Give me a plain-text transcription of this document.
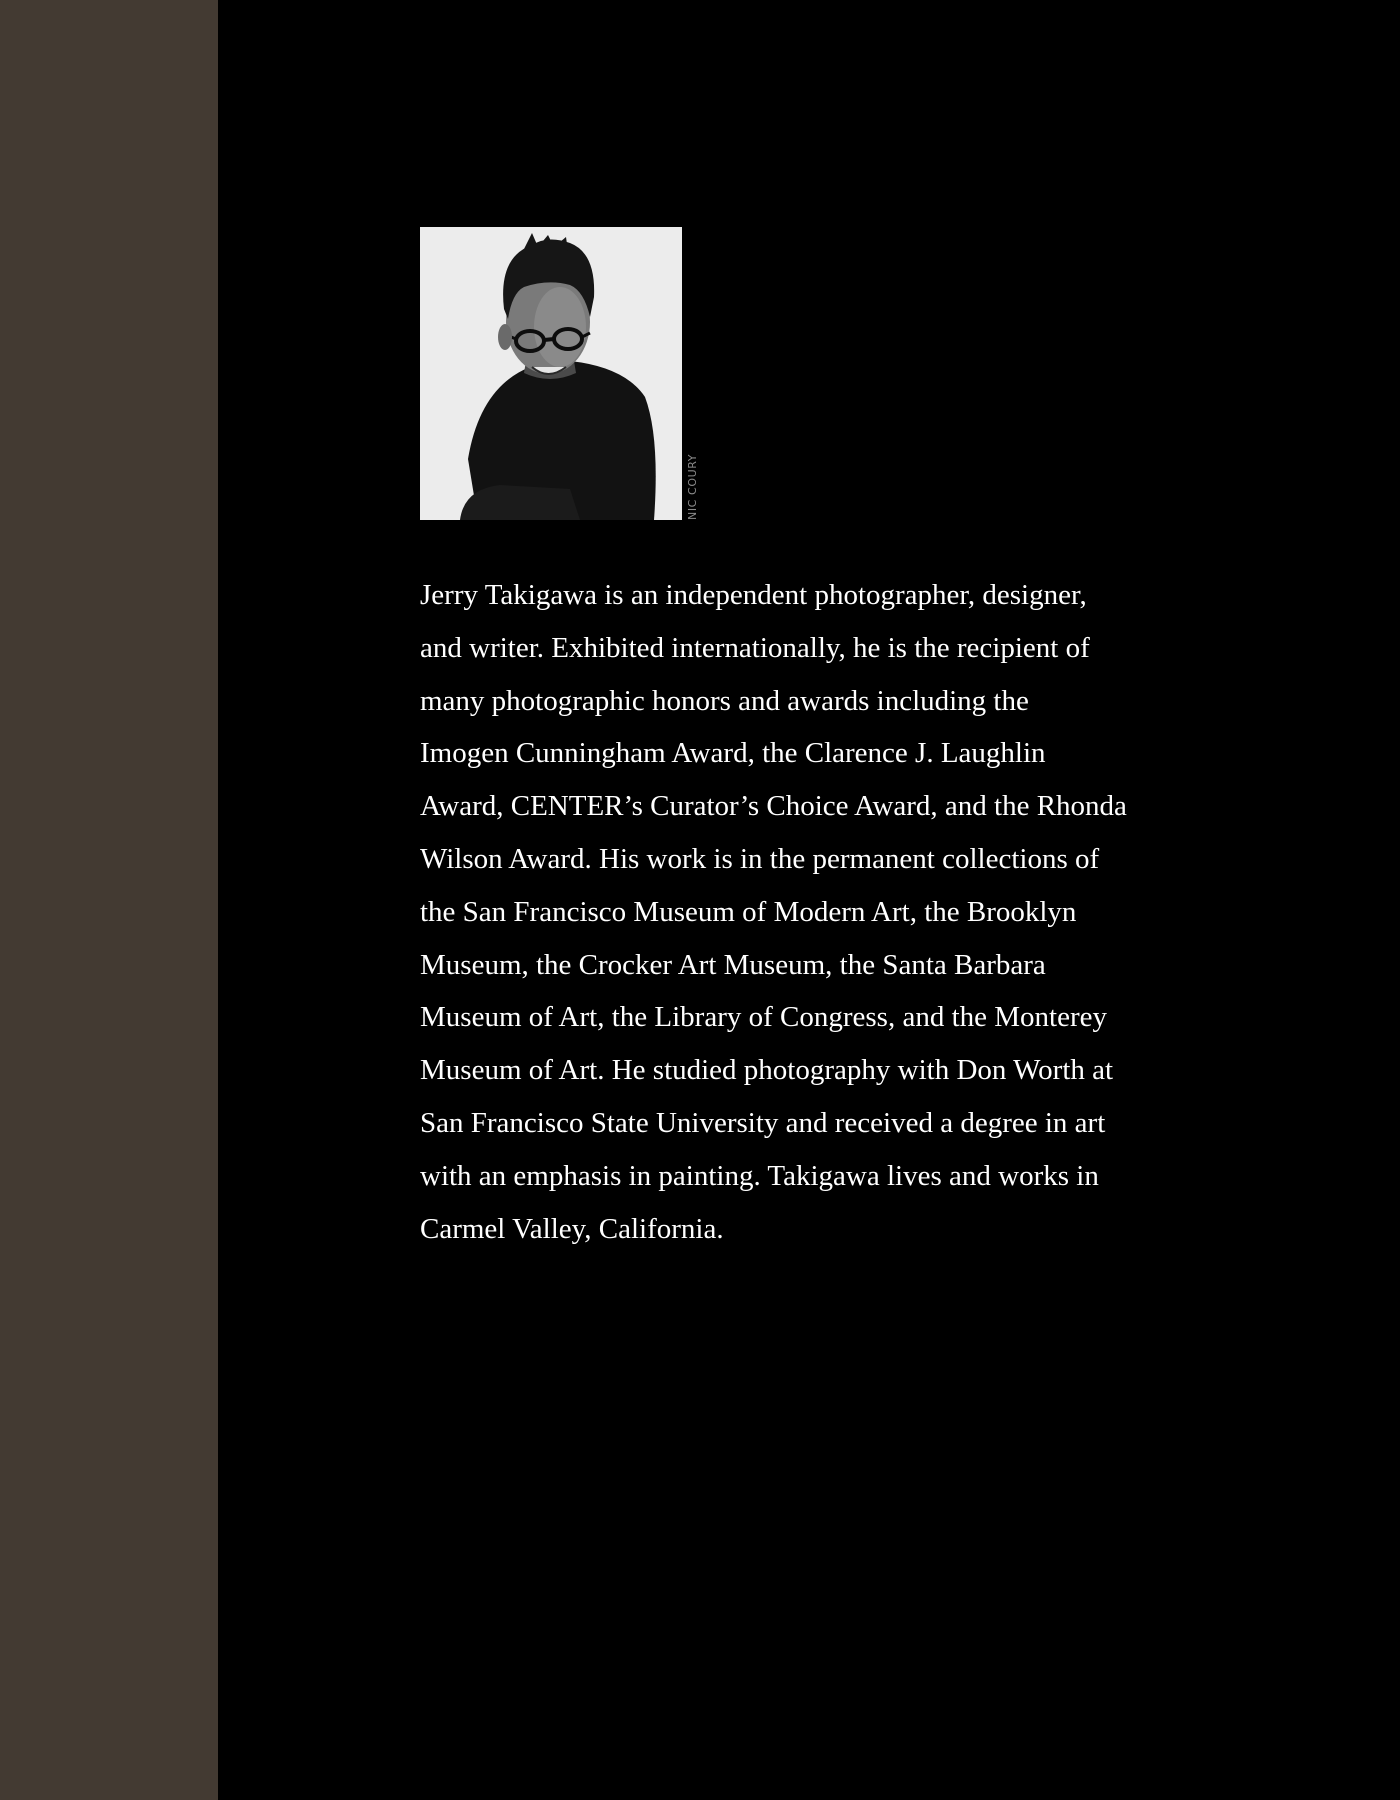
NIC COURY

Jerry Takigawa is an independent photographer, designer,
and writer. Exhibited internationally, he is the recipient of
many photographic honors and awards including the
Imogen Cunningham Award, the Clarence J. Laughlin
Award, CENTER’s Curator’s Choice Award, and the Rhonda
Wilson Award. His work is in the permanent collections of
the San Francisco Museum of Modern Art, the Brooklyn
Museum, the Crocker Art Museum, the Santa Barbara
Museum of Art, the Library of Congress, and the Monterey
Museum of Art. He studied photography with Don Worth at
San Francisco State University and received a degree in art
with an emphasis in painting. Takigawa lives and works in
Carmel Valley, California.
